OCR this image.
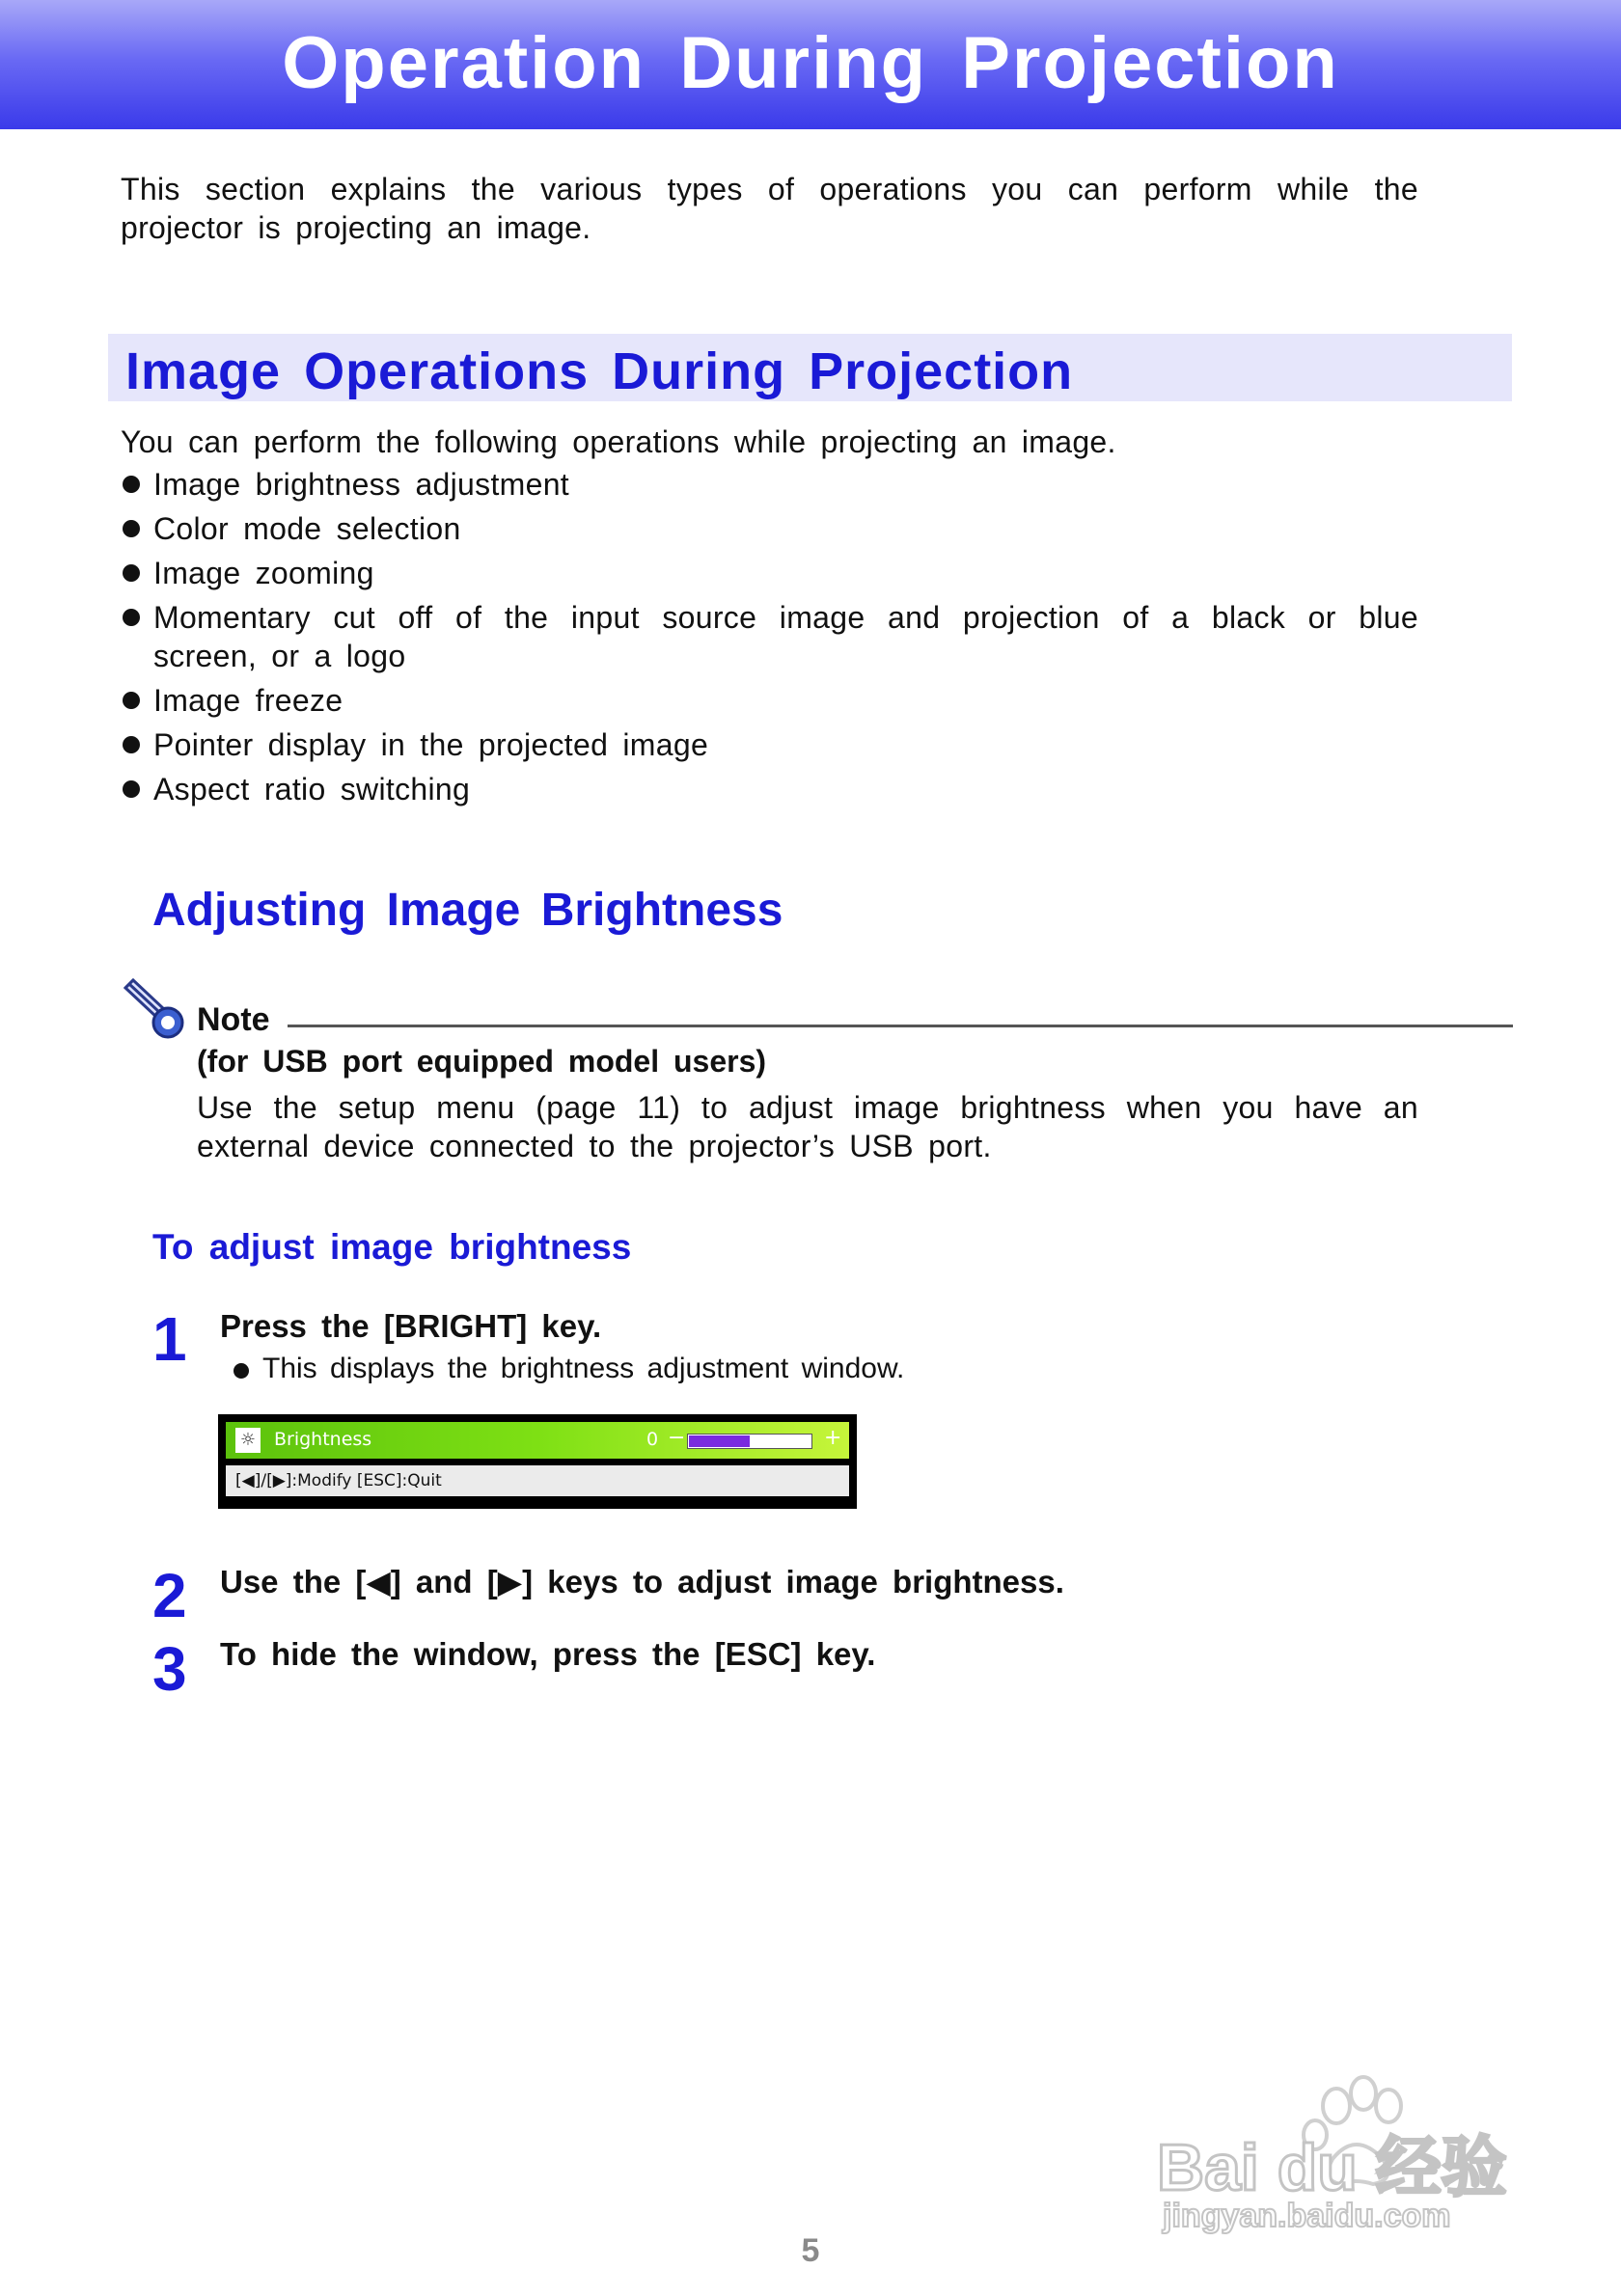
Operation During Projection
This section explains the various types of operations you can perform while the projector is projecting an image.
Image Operations During Projection
You can perform the following operations while projecting an image.
Image brightness adjustment
Color mode selection
Image zooming
Momentary cut off of the input source image and projection of a black or blue screen, or a logo
Image freeze
Pointer display in the projected image
Aspect ratio switching
Adjusting Image Brightness
Note
(for USB port equipped model users)
Use the setup menu (page 11) to adjust image brightness when you have an external device connected to the projector’s USB port.
To adjust image brightness
1 Press the [BRIGHT] key.
This displays the brightness adjustment window.
☼ Brightness	0 −	+
[◀]/[▶]:Modify [ESC]:Quit
2 Use the [◀] and [▶] keys to adjust image brightness.
3 To hide the window, press the [ESC] key.
Bai du 经验
jingyan.baidu.com
5
